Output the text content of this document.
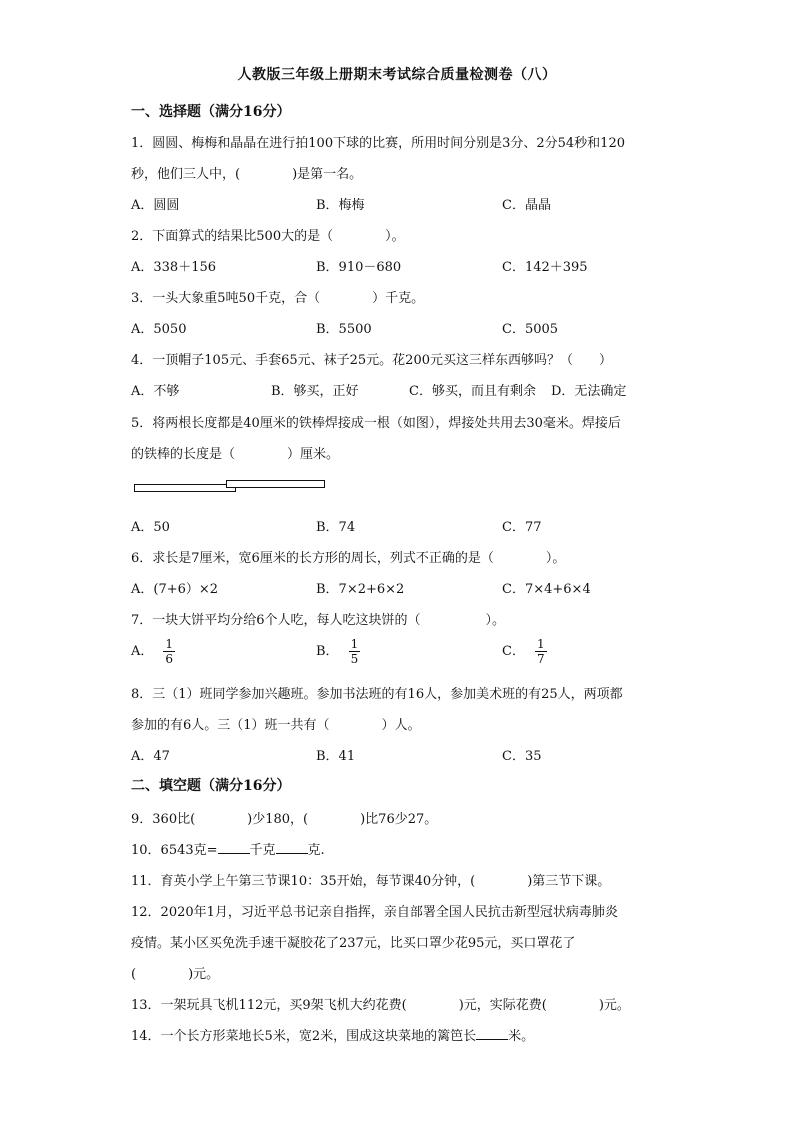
人教版三年级上册期末考试综合质量检测卷（八）
一、选择题（满分16分）
1．圆圆、梅梅和晶晶在进行拍100下球的比赛，所用时间分别是3分、2分54秒和120
秒，他们三人中，(　　　　)是第一名。
A．圆圆	B．梅梅	C．晶晶
2．下面算式的结果比500大的是（　　　　）。
A．338＋156	B．910－680	C．142＋395
3．一头大象重5吨50千克，合（　　　　）千克。
A．5050	B．5500	C．5005
4．一顶帽子105元、手套65元、袜子25元。花200元买这三样东西够吗？（　　）
A．不够	B．够买，正好	C．够买，而且有剩余 D．无法确定
5．将两根长度都是40厘米的铁棒焊接成一根（如图），焊接处共用去30毫米。焊接后
的铁棒的长度是（　　　　）厘米。
A．50	B．74	C．77
6．求长是7厘米，宽6厘米的长方形的周长，列式不正确的是（　　　　）。
A．(7+6）×2	B．7×2+6×2	C．7×4+6×4
7．一块大饼平均分给6个人吃，每人吃这块饼的（　　　　　）。
A． $\frac{1}{6}$	B． $\frac{1}{5}$	C． $\frac{1}{7}$
8．三（1）班同学参加兴趣班。参加书法班的有16人，参加美术班的有25人，两项都
参加的有6人。三（1）班一共有（　　　　）人。
A．47	B．41	C．35
二、填空题（满分16分）
9．360比(　　　　)少180，(　　　　)比76少27。
10．6543克= 千克 克.
11．育英小学上午第三节课10：35开始，每节课40分钟，(　　　　)第三节下课。
12．2020年1月，习近平总书记亲自指挥，亲自部署全国人民抗击新型冠状病毒肺炎
疫情。某小区买免洗手速干凝胶花了237元，比买口罩少花95元，买口罩花了
(　　　　)元。
13．一架玩具飞机112元，买9架飞机大约花费(　　　　)元，实际花费(　　　　)元。
14．一个长方形菜地长5米，宽2米，围成这块菜地的篱笆长 米。
